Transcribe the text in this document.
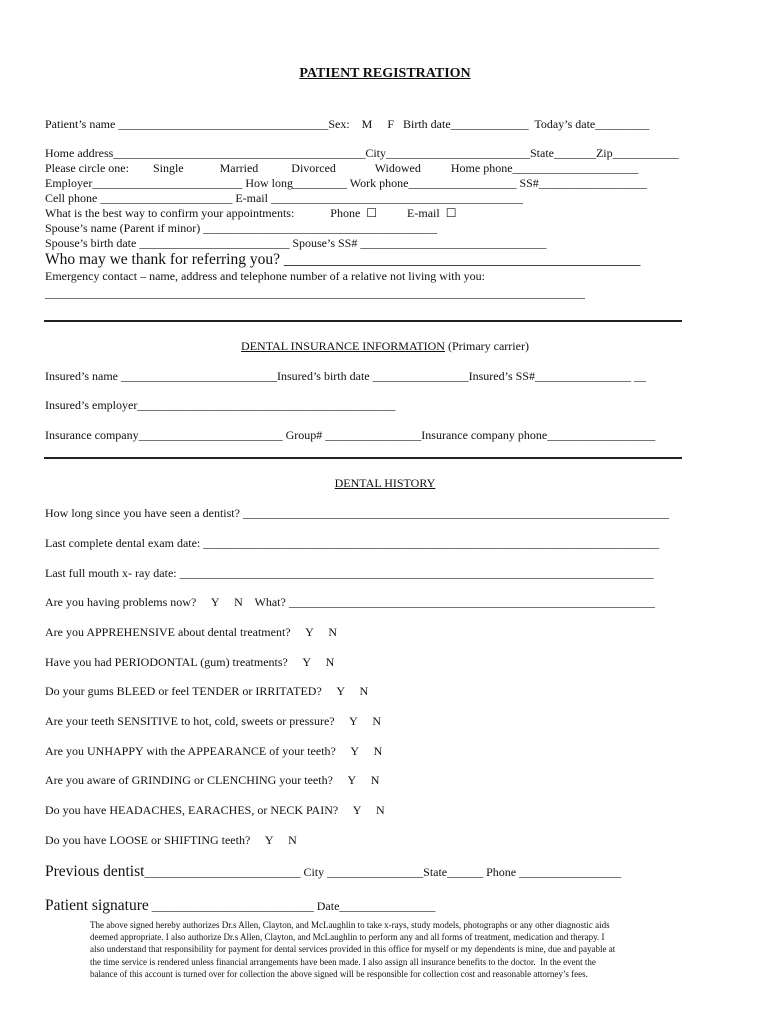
PATIENT REGISTRATION
Patient’s name ___________________________________Sex:    M     F   Birth date_____________  Today’s date_________
Home address__________________________________________City________________________State_______Zip___________
Please circle one:        Single            Married           Divorced             Widowed          Home phone_____________________
Employer_________________________ How long_________ Work phone__________________ SS#__________________
Cell phone ______________________ E-mail __________________________________________
What is the best way to confirm your appointments:            Phone  ☐          E-mail  ☐
Spouse’s name (Parent if minor) _______________________________________
Spouse’s birth date _________________________ Spouse’s SS# _______________________________
Who may we thank for referring you? ______________________________________________
Emergency contact – name, address and telephone number of a relative not living with you:
__________________________________________________________________________________________
DENTAL INSURANCE INFORMATION (Primary carrier)
Insured’s name __________________________Insured’s birth date ________________Insured’s SS#________________ __
Insured’s employer___________________________________________
Insurance company________________________ Group# ________________Insurance company phone__________________
DENTAL HISTORY
How long since you have seen a dentist? _______________________________________________________________________
Last complete dental exam date: ____________________________________________________________________________
Last full mouth x- ray date: _______________________________________________________________________________
Are you having problems now?     Y     N    What? _____________________________________________________________
Are you APPREHENSIVE about dental treatment?     Y     N
Have you had PERIODONTAL (gum) treatments?     Y     N
Do your gums BLEED or feel TENDER or IRRITATED?     Y     N
Are your teeth SENSITIVE to hot, cold, sweets or pressure?     Y     N
Are you UNHAPPY with the APPEARANCE of your teeth?     Y     N
Are you aware of GRINDING or CLENCHING your teeth?     Y     N
Do you have HEADACHES, EARACHES, or NECK PAIN?     Y     N
Do you have LOOSE or SHIFTING teeth?     Y     N
Previous dentist__________________________ City ________________State______ Phone _________________
Patient signature ___________________________ Date________________
The above signed hereby authorizes Dr.s Allen, Clayton, and McLaughlin to take x-rays, study models, photographs or any other diagnostic aids
deemed appropriate. I also authorize Dr.s Allen, Clayton, and McLaughlin to perform any and all forms of treatment, medication and therapy. I
also understand that responsibility for payment for dental services provided in this office for myself or my dependents is mine, due and payable at
the time service is rendered unless financial arrangements have been made. I also assign all insurance benefits to the doctor.  In the event the
balance of this account is turned over for collection the above signed will be responsible for collection cost and reasonable attorney’s fees.
